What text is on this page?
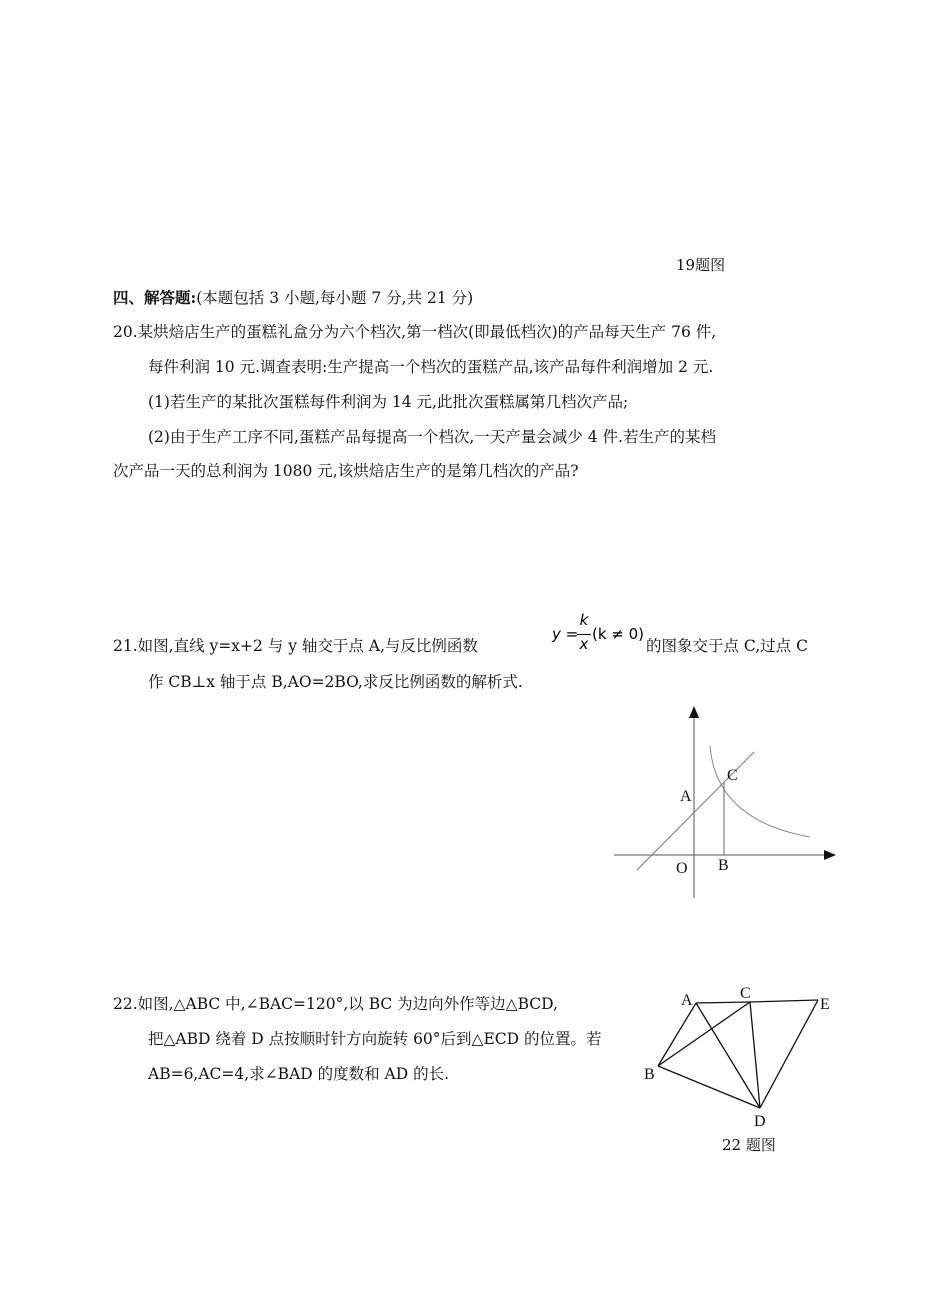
19题图
四、解答题:(本题包括 3 小题,每小题 7 分,共 21 分)
20.某烘焙店生产的蛋糕礼盒分为六个档次,第一档次(即最低档次)的产品每天生产 76 件,
每件利润 10 元.调查表明:生产提高一个档次的蛋糕产品,该产品每件利润增加 2 元.
(1)若生产的某批次蛋糕每件利润为 14 元,此批次蛋糕属第几档次产品;
(2)由于生产工序不同,蛋糕产品每提高一个档次,一天产量会减少 4 件.若生产的某档
次产品一天的总利润为 1080 元,该烘焙店生产的是第几档次的产品?
21.如图,直线 y=x+2 与 y 轴交于点 A,与反比例函数
y =
k
x
(k ≠ 0)
的图象交于点 C,过点 C
作 CB⊥x 轴于点 B,AO=2BO,求反比例函数的解析式.
A
C
B
O
22.如图,△ABC 中,∠BAC=120°,以 BC 为边向外作等边△BCD,
把△ABD 绕着 D 点按顺时针方向旋转 60°后到△ECD 的位置。若
AB=6,AC=4,求∠BAD 的度数和 AD 的长.
A	C
E
B
D
22 题图
